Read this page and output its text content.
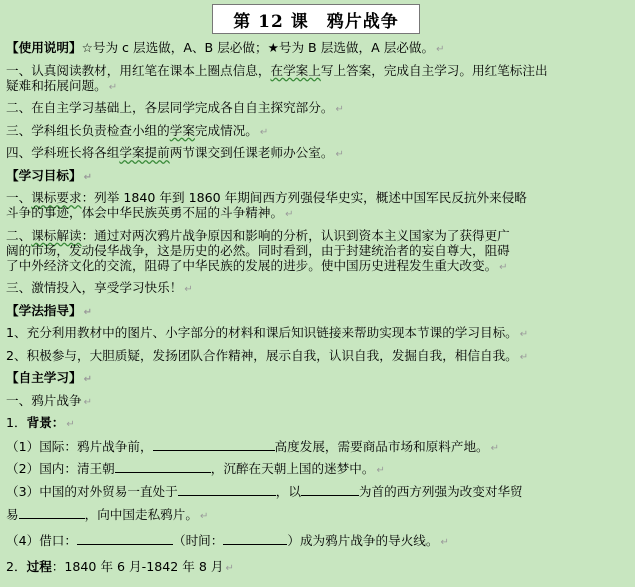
第 12 课　鸦片战争
【使用说明】☆号为 c 层选做，A、B 层必做；★号为 B 层选做，A 层必做。 ↵
一、认真阅读教材，用红笔在课本上圈点信息，在学案上写上答案，完成自主学习。用红笔标注出
疑难和拓展问题。 ↵
二、在自主学习基础上，各层同学完成各自自主探究部分。 ↵
三、学科组长负责检查小组的学案完成情况。 ↵
四、学科班长将各组学案提前两节课交到任课老师办公室。 ↵
【学习目标】 ↵
一、课标要求：列举 1840 年到 1860 年期间西方列强侵华史实，概述中国军民反抗外来侵略
斗争的事迹，体会中华民族英勇不屈的斗争精神。 ↵
二、课标解读：通过对两次鸦片战争原因和影响的分析，认识到资本主义国家为了获得更广
阔的市场，发动侵华战争，这是历史的必然。同时看到，由于封建统治者的妄自尊大，阻碍
了中外经济文化的交流，阻碍了中华民族的发展的进步。使中国历史进程发生重大改变。 ↵
三、激情投入，享受学习快乐！ ↵
【学法指导】 ↵
1、充分利用教材中的图片、小字部分的材料和课后知识链接来帮助实现本节课的学习目标。 ↵
2、积极参与，大胆质疑，发扬团队合作精神，展示自我，认识自我，发掘自我，相信自我。 ↵
【自主学习】 ↵
一、鸦片战争 ↵
1．背景： ↵
（1）国际：鸦片战争前，	高度发展，需要商品市场和原料产地。 ↵
（2）国内：清王朝	，沉醉在天朝上国的迷梦中。 ↵
（3）中国的对外贸易一直处于	，以	为首的西方列强为改变对华贸
易	，向中国走私鸦片。 ↵
（4）借口：	（时间：	）成为鸦片战争的导火线。 ↵
2．过程：1840 年 6 月-1842 年 8 月 ↵
